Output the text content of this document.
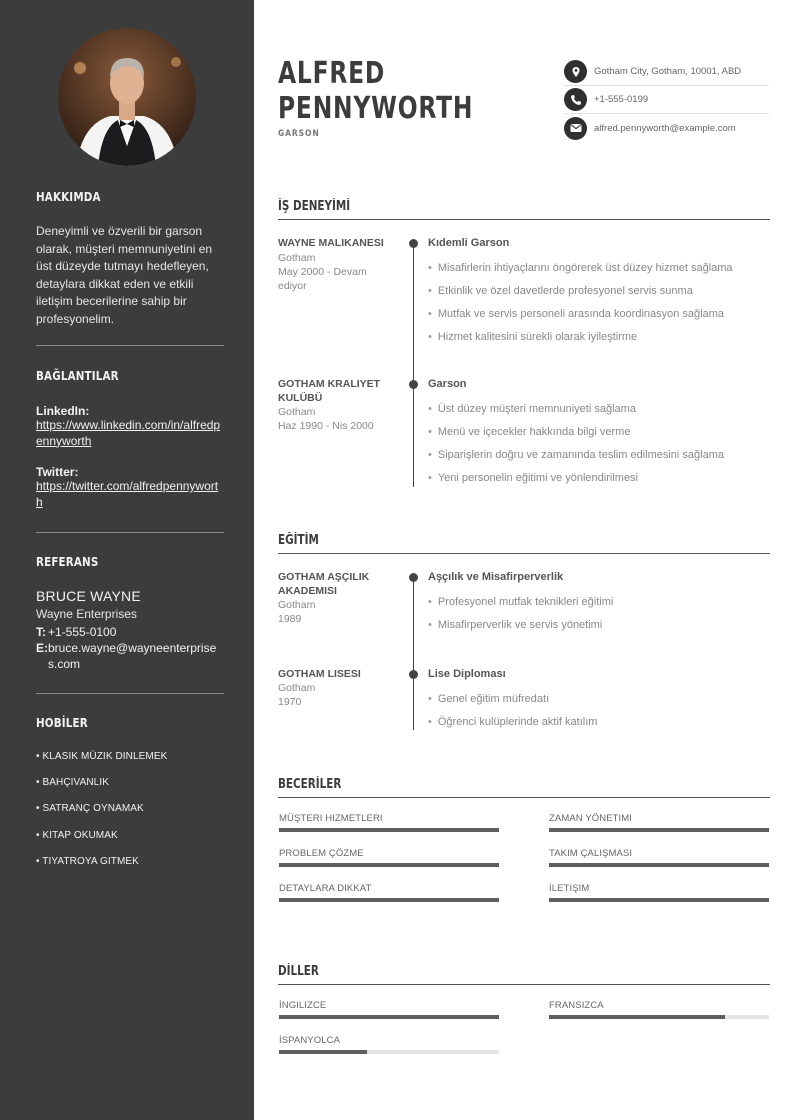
HAKKIMDA
Deneyimli ve özverili bir garson olarak, müşteri memnuniyetini en üst düzeyde tutmayı hedefleyen, detaylara dikkat eden ve etkili iletişim becerilerine sahip bir profesyonelim.
BAĞLANTILAR
LinkedIn:
https://www.linkedin.com/in/alfredpennyworth
Twitter:
https://twitter.com/alfredpennyworth
REFERANS
BRUCE WAYNE
Wayne Enterprises
T: +1-555-0100
E: bruce.wayne@wayneenterprises.com
HOBİLER
• KLASIK MÜZIK DINLEMEK
• BAHÇIVANLIK
• SATRANÇ OYNAMAK
• KITAP OKUMAK
• TIYATROYA GITMEK
ALFRED
PENNYWORTH
GARSON
Gotham City, Gotham, 10001, ABD
+1-555-0199
alfred.pennyworth@example.com
İŞ DENEYİMİ
WAYNE MALIKANESI
Gotham
May 2000 - Devam ediyor
Kıdemli Garson
• Misafirlerin ihtiyaçlarını öngörerek üst düzey hizmet sağlama
• Etkinlik ve özel davetlerde profesyonel servis sunma
• Mutfak ve servis personeli arasında koordinasyon sağlama
• Hizmet kalitesini sürekli olarak iyileştirme
GOTHAM KRALIYET KULÜBÜ
Gotham
Haz 1990 - Nis 2000
Garson
• Üst düzey müşteri memnuniyeti sağlama
• Menü ve içecekler hakkında bilgi verme
• Siparişlerin doğru ve zamanında teslim edilmesini sağlama
• Yeni personelin eğitimi ve yönlendirilmesi
EĞİTİM
GOTHAM AŞÇILIK AKADEMISI
Gotham
1989
Aşçılık ve Misafirperverlik
• Profesyonel mutfak teknikleri eğitimi
• Misafirperverlik ve servis yönetimi
GOTHAM LISESI
Gotham
1970
Lise Diploması
• Genel eğitim müfredatı
• Öğrenci kulüplerinde aktif katılım
BECERİLER
MÜŞTERI HIZMETLERI	ZAMAN YÖNETIMI
PROBLEM ÇÖZME	TAKIM ÇALIŞMASI
DETAYLARA DIKKAT	İLETIŞIM
DİLLER
İNGILIZCE	FRANSIZCA
İSPANYOLCA
